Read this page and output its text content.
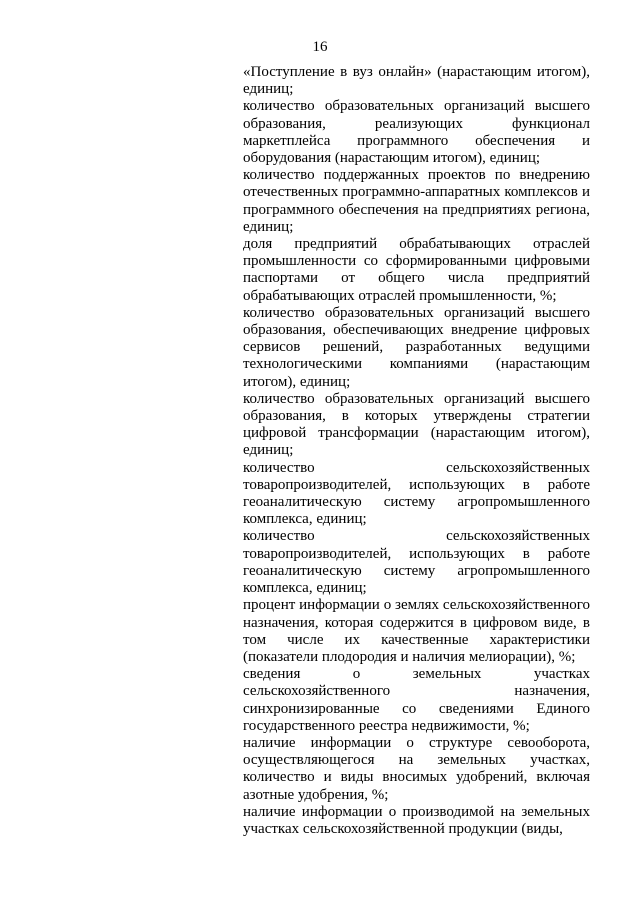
16

«Поступление в вуз онлайн» (нарастающим итогом), единиц;

количество образовательных организаций высшего образования, реализующих функционал маркетплейса программного обеспечения и оборудования (нарастающим итогом), единиц;

количество поддержанных проектов по внедрению отечественных программно-аппаратных комплексов и программного обеспечения на предприятиях региона, единиц;

доля предприятий обрабатывающих отраслей промышленности со сформированными цифровыми паспортами от общего числа предприятий обрабатывающих отраслей промышленности, %;

количество образовательных организаций высшего образования, обеспечивающих внедрение цифровых сервисов решений, разработанных ведущими технологическими компаниями (нарастающим итогом), единиц;

количество образовательных организаций высшего образования, в которых утверждены стратегии цифровой трансформации (нарастающим итогом), единиц;

количество сельскохозяйственных товаропроизводителей, использующих в работе геоаналитическую систему агропромышленного комплекса, единиц;

количество сельскохозяйственных товаропроизводителей, использующих в работе геоаналитическую систему агропромышленного комплекса, единиц;

процент информации о землях сельскохозяйственного назначения, которая содержится в цифровом виде, в том числе их качественные характеристики (показатели плодородия и наличия мелиорации), %;

сведения о земельных участках сельскохозяйственного назначения, синхронизированные со сведениями Единого государственного реестра недвижимости, %;

наличие информации о структуре севооборота, осуществляющегося на земельных участках, количество и виды вносимых удобрений, включая азотные удобрения, %;

наличие информации о производимой на земельных участках сельскохозяйственной продукции (виды,
